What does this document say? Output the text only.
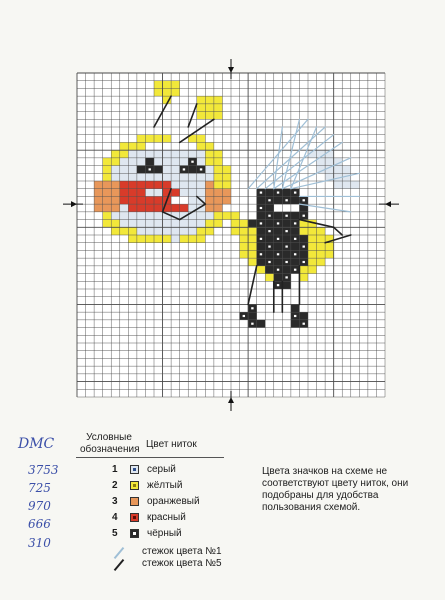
DMC
3753
725
970
666
310
Условные обозначения Цвет ниток
1	серый
2	жёлтый
3	оранжевый
4	красный
5	чёрный
стежок цвета №1
стежок цвета №5
Цвета значков на схеме не соответствуют цвету ниток, они подобраны для удобства пользования схемой.
